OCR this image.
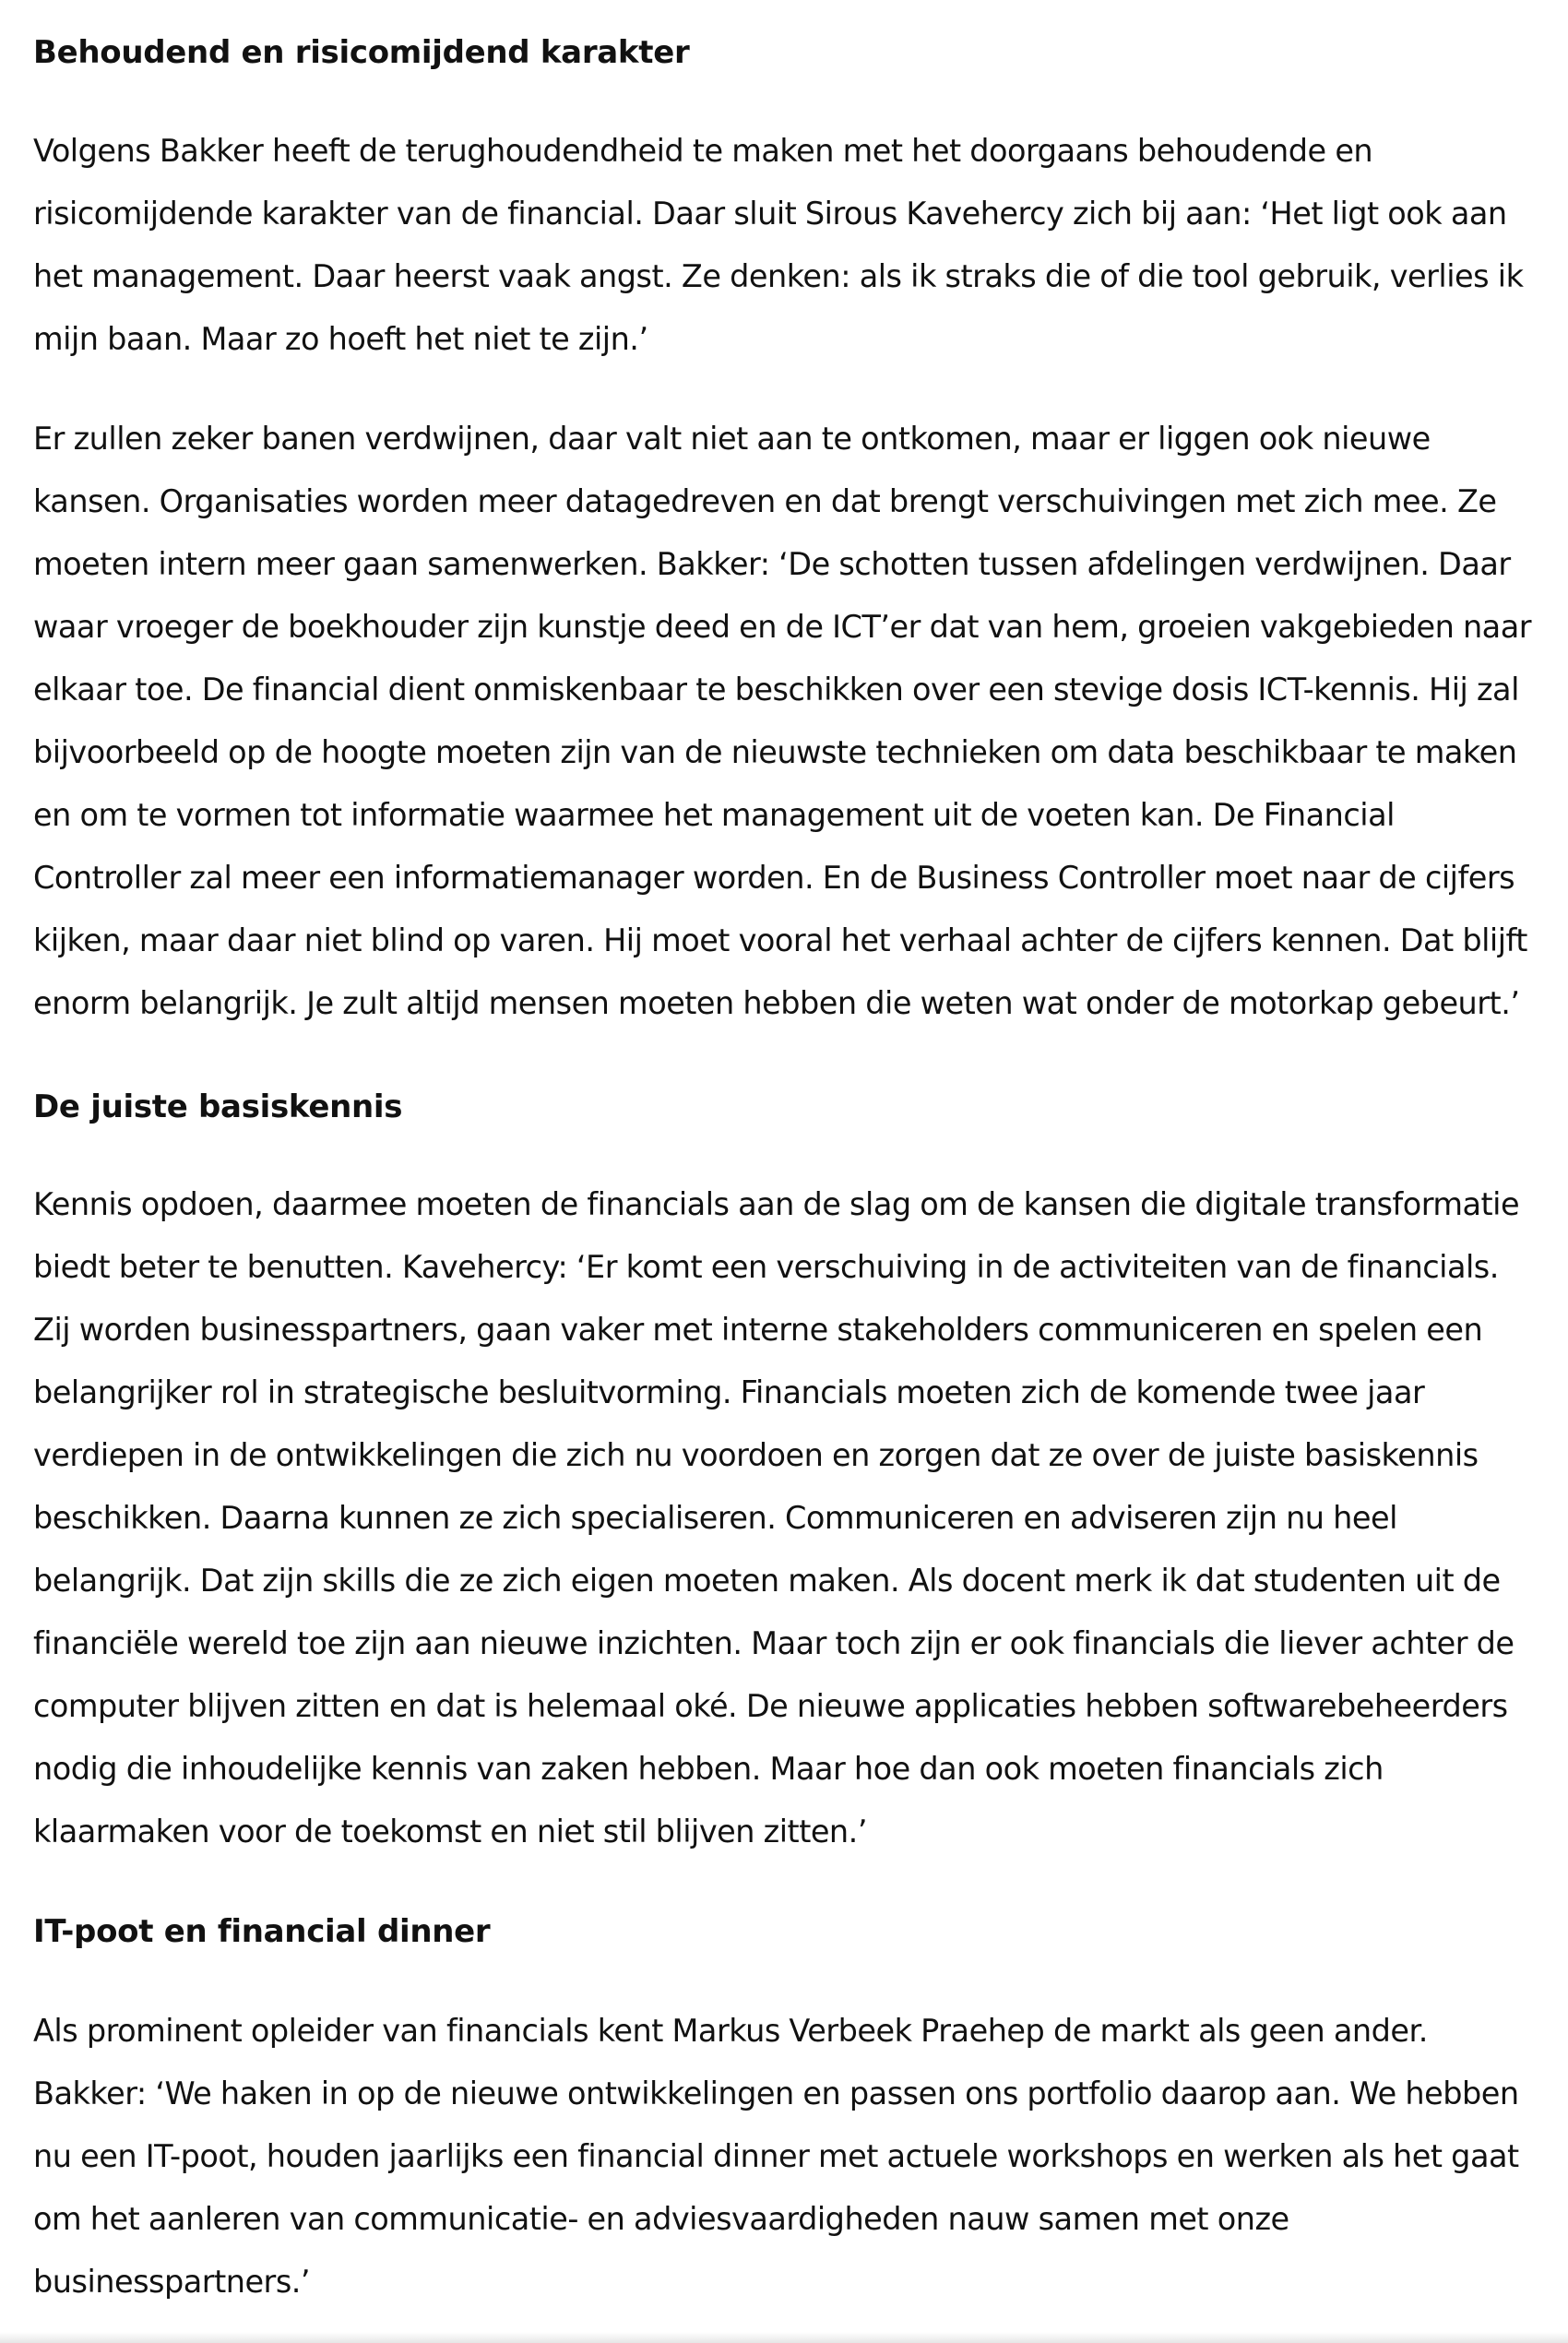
Behoudend en risicomijdend karakter

Volgens Bakker heeft de terughoudendheid te maken met het doorgaans behoudende en risicomijdende karakter van de financial. Daar sluit Sirous Kavehercy zich bij aan: ‘Het ligt ook aan het management. Daar heerst vaak angst. Ze denken: als ik straks die of die tool gebruik, verlies ik mijn baan. Maar zo hoeft het niet te zijn.’

Er zullen zeker banen verdwijnen, daar valt niet aan te ontkomen, maar er liggen ook nieuwe kansen. Organisaties worden meer datagedreven en dat brengt verschuivingen met zich mee. Ze moeten intern meer gaan samenwerken. Bakker: ‘De schotten tussen afdelingen verdwijnen. Daar waar vroeger de boekhouder zijn kunstje deed en de ICT’er dat van hem, groeien vakgebieden naar elkaar toe. De financial dient onmiskenbaar te beschikken over een stevige dosis ICT-kennis. Hij zal bijvoorbeeld op de hoogte moeten zijn van de nieuwste technieken om data beschikbaar te maken en om te vormen tot informatie waarmee het management uit de voeten kan. De Financial Controller zal meer een informatiemanager worden. En de Business Controller moet naar de cijfers kijken, maar daar niet blind op varen. Hij moet vooral het verhaal achter de cijfers kennen. Dat blijft enorm belangrijk. Je zult altijd mensen moeten hebben die weten wat onder de motorkap gebeurt.’

De juiste basiskennis

Kennis opdoen, daarmee moeten de financials aan de slag om de kansen die digitale transformatie biedt beter te benutten. Kavehercy: ‘Er komt een verschuiving in de activiteiten van de financials. Zij worden businesspartners, gaan vaker met interne stakeholders communiceren en spelen een belangrijker rol in strategische besluitvorming. Financials moeten zich de komende twee jaar verdiepen in de ontwikkelingen die zich nu voordoen en zorgen dat ze over de juiste basiskennis beschikken. Daarna kunnen ze zich specialiseren. Communiceren en adviseren zijn nu heel belangrijk. Dat zijn skills die ze zich eigen moeten maken. Als docent merk ik dat studenten uit de financiële wereld toe zijn aan nieuwe inzichten. Maar toch zijn er ook financials die liever achter de computer blijven zitten en dat is helemaal oké. De nieuwe applicaties hebben softwarebeheerders nodig die inhoudelijke kennis van zaken hebben. Maar hoe dan ook moeten financials zich klaarmaken voor de toekomst en niet stil blijven zitten.’

IT-poot en financial dinner

Als prominent opleider van financials kent Markus Verbeek Praehep de markt als geen ander. Bakker: ‘We haken in op de nieuwe ontwikkelingen en passen ons portfolio daarop aan. We hebben nu een IT-poot, houden jaarlijks een financial dinner met actuele workshops en werken als het gaat om het aanleren van communicatie- en adviesvaardigheden nauw samen met onze businesspartners.’
